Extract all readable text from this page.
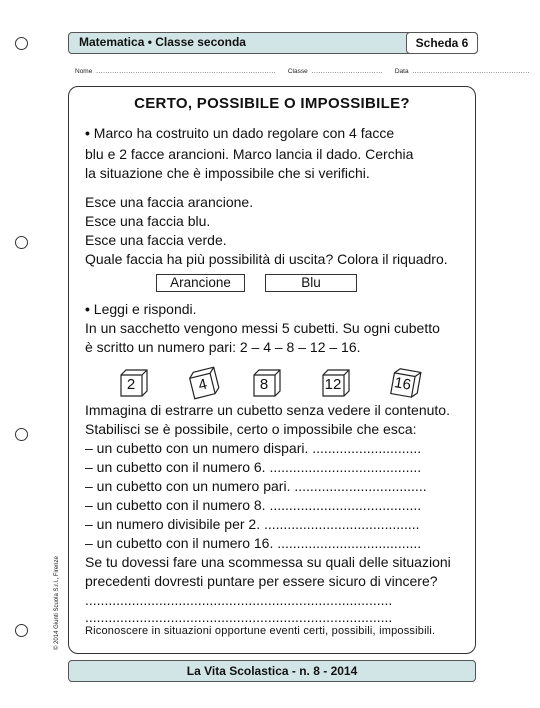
Matematica • Classe seconda	Scheda 6
Nome .............................................................................. Classe ............................... Data ...................................................
CERTO, POSSIBILE O IMPOSSIBILE?
• Marco ha costruito un dado regolare con 4 facce
blu e 2 facce arancioni. Marco lancia il dado. Cerchia
la situazione che è impossibile che si verifichi.
Esce una faccia arancione.
Esce una faccia blu.
Esce una faccia verde.
Quale faccia ha più possibilità di uscita? Colora il riquadro.
Arancione	Blu
• Leggi e rispondi.
In un sacchetto vengono messi 5 cubetti. Su ogni cubetto
è scritto un numero pari: 2 – 4 – 8 – 12 – 16.
2	4	8	12	16
Immagina di estrarre un cubetto senza vedere il contenuto.
Stabilisci se è possibile, certo o impossibile che esca:
– un cubetto con un numero dispari. ............................
– un cubetto con il numero 6. .......................................
– un cubetto con un numero pari. ..................................
– un cubetto con il numero 8. .......................................
– un numero divisibile per 2. ........................................
– un cubetto con il numero 16. .....................................
Se tu dovessi fare una scommessa su quali delle situazioni
precedenti dovresti puntare per essere sicuro di vincere?
...............................................................................
...............................................................................
Riconoscere in situazioni opportune eventi certi, possibili, impossibili.
© 2014 Giunti Scuola S.r.l., Firenze
La Vita Scolastica - n. 8 - 2014
